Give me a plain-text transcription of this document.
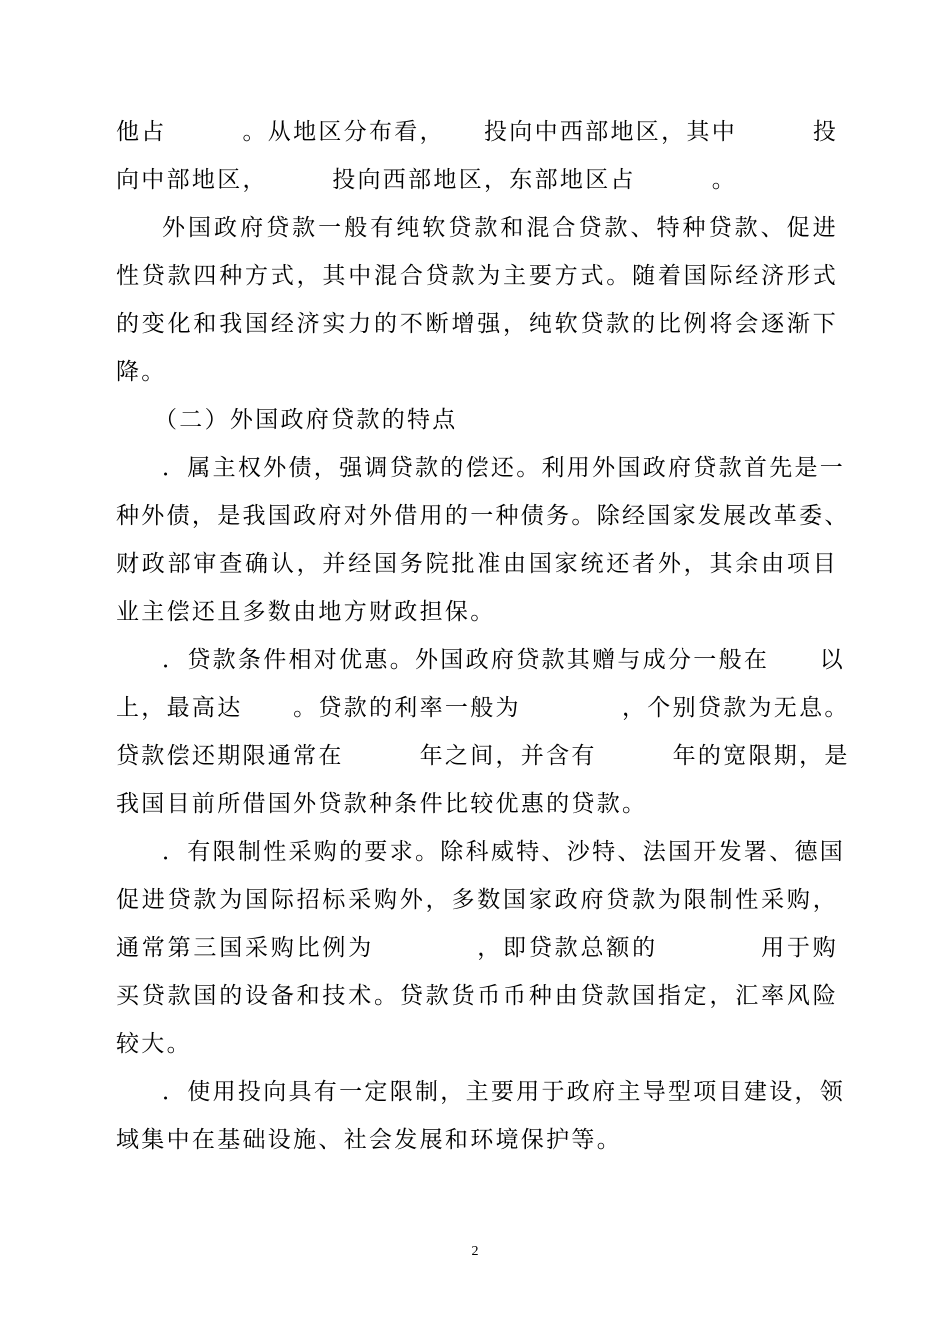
他占　　　。从地区分布看，　　投向中西部地区，其中　　　投
向中部地区，　　　投向西部地区，东部地区占　　　。
外国政府贷款一般有纯软贷款和混合贷款、特种贷款、促进
性贷款四种方式，其中混合贷款为主要方式。随着国际经济形式
的变化和我国经济实力的不断增强，纯软贷款的比例将会逐渐下
降。
（二）外国政府贷款的特点
．属主权外债，强调贷款的偿还。利用外国政府贷款首先是一
种外债，是我国政府对外借用的一种债务。除经国家发展改革委、
财政部审查确认，并经国务院批准由国家统还者外，其余由项目
业主偿还且多数由地方财政担保。
．贷款条件相对优惠。外国政府贷款其赠与成分一般在　　以
上，最高达　　。贷款的利率一般为　　　　，个别贷款为无息。
贷款偿还期限通常在　　　年之间，并含有　　　年的宽限期，是
我国目前所借国外贷款种条件比较优惠的贷款。
．有限制性采购的要求。除科威特、沙特、法国开发署、德国
促进贷款为国际招标采购外，多数国家政府贷款为限制性采购，
通常第三国采购比例为　　　　，即贷款总额的　　　　用于购
买贷款国的设备和技术。贷款货币币种由贷款国指定，汇率风险
较大。
．使用投向具有一定限制，主要用于政府主导型项目建设，领
域集中在基础设施、社会发展和环境保护等。
2
